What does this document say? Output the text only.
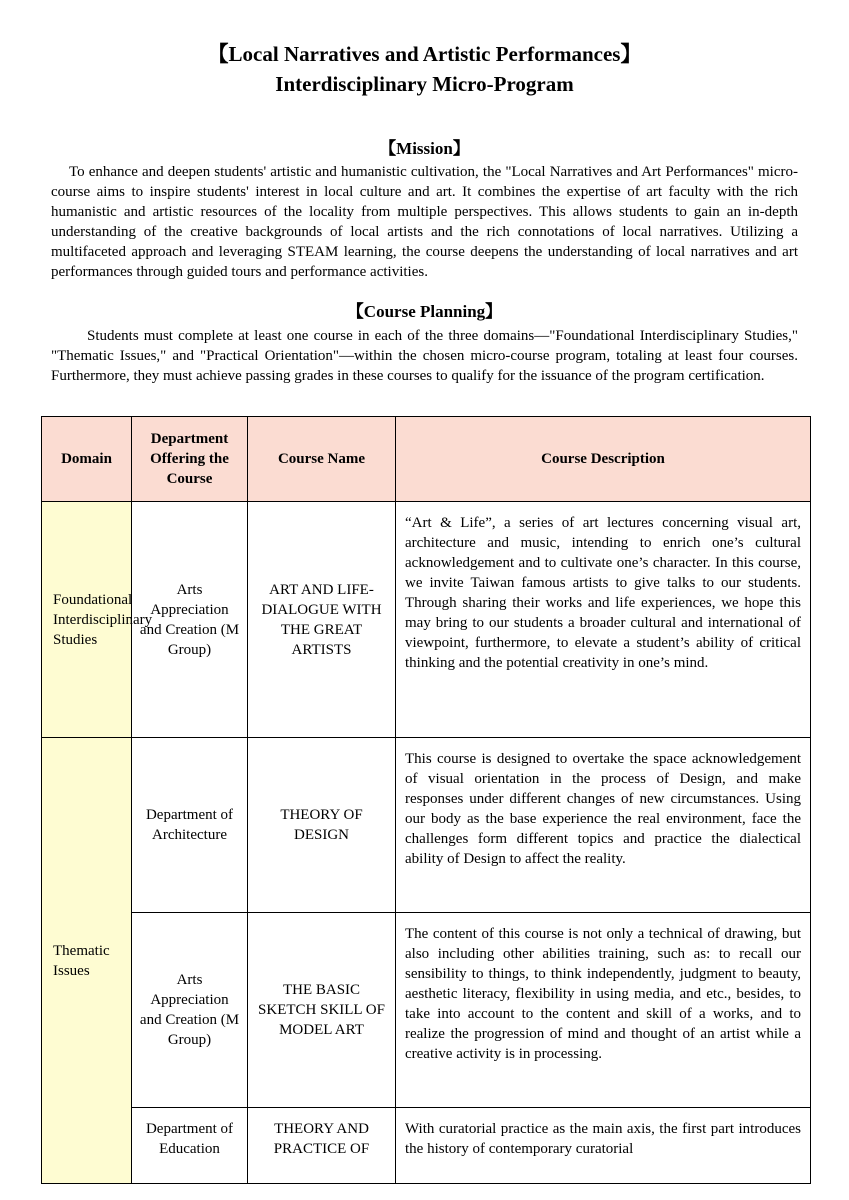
【Local Narratives and Artistic Performances】
Interdisciplinary Micro-Program
【Mission】
To enhance and deepen students' artistic and humanistic cultivation, the "Local Narratives and Art Performances" micro-course aims to inspire students' interest in local culture and art. It combines the expertise of art faculty with the rich humanistic and artistic resources of the locality from multiple perspectives. This allows students to gain an in-depth understanding of the creative backgrounds of local artists and the rich connotations of local narratives. Utilizing a multifaceted approach and leveraging STEAM learning, the course deepens the understanding of local narratives and art performances through guided tours and performance activities.
【Course Planning】
Students must complete at least one course in each of the three domains—"Foundational Interdisciplinary Studies," "Thematic Issues," and "Practical Orientation"—within the chosen micro-course program, totaling at least four courses. Furthermore, they must achieve passing grades in these courses to qualify for the issuance of the program certification.
Domain	Department Offering the Course	Course Name	Course Description
Foundational Interdisciplinary Studies	Arts Appreciation and Creation (M Group)	ART AND LIFE-DIALOGUE WITH THE GREAT ARTISTS	“Art & Life”, a series of art lectures concerning visual art, architecture and music, intending to enrich one’s cultural acknowledgement and to cultivate one’s character. In this course, we invite Taiwan famous artists to give talks to our students. Through sharing their works and life experiences, we hope this may bring to our students a broader cultural and international of viewpoint, furthermore, to elevate a student’s ability of critical thinking and the potential creativity in one’s mind.
Thematic Issues	Department of Architecture	THEORY OF DESIGN	This course is designed to overtake the space acknowledgement of visual orientation in the process of Design, and make responses under different changes of new circumstances. Using our body as the base experience the real environment, face the challenges form different topics and practice the dialectical ability of Design to affect the reality.
	Arts Appreciation and Creation (M Group)	THE BASIC SKETCH SKILL OF MODEL ART	The content of this course is not only a technical of drawing, but also including other abilities training, such as: to recall our sensibility to things, to think independently, judgment to beauty, aesthetic literacy, flexibility in using media, and etc., besides, to take into account to the content and skill of a works, and to realize the progression of mind and thought of an artist while a creative activity is in processing.

	Department of Education	THEORY AND PRACTICE OF	With curatorial practice as the main axis, the first part introduces the history of contemporary curatorial
